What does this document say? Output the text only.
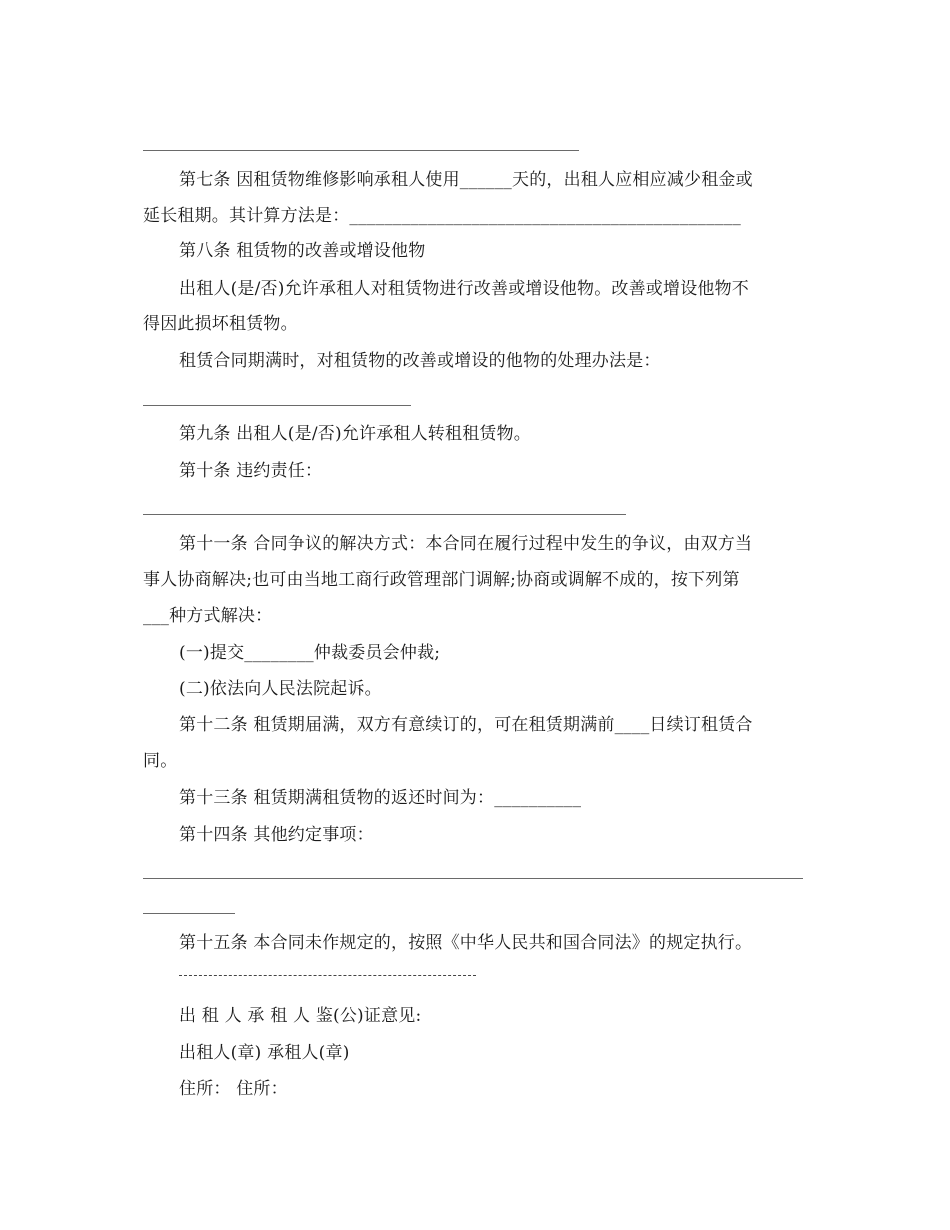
第七条 因租赁物维修影响承租人使用______天的，出租人应相应减少租金或
延长租期。其计算方法是：_____________________________________________
第八条 租赁物的改善或增设他物
出租人(是/否)允许承租人对租赁物进行改善或增设他物。改善或增设他物不
得因此损坏租赁物。
租赁合同期满时，对租赁物的改善或增设的他物的处理办法是：
第九条 出租人(是/否)允许承租人转租租赁物。
第十条 违约责任：
第十一条 合同争议的解决方式：本合同在履行过程中发生的争议，由双方当
事人协商解决;也可由当地工商行政管理部门调解;协商或调解不成的，按下列第
___种方式解决：
(一)提交________仲裁委员会仲裁;
(二)依法向人民法院起诉。
第十二条 租赁期届满，双方有意续订的，可在租赁期满前____日续订租赁合
同。
第十三条 租赁期满租赁物的返还时间为：__________
第十四条 其他约定事项：
第十五条 本合同未作规定的，按照《中华人民共和国合同法》的规定执行。
出 租 人 承 租 人 鉴(公)证意见:
出租人(章) 承租人(章)
住所： 住所：
